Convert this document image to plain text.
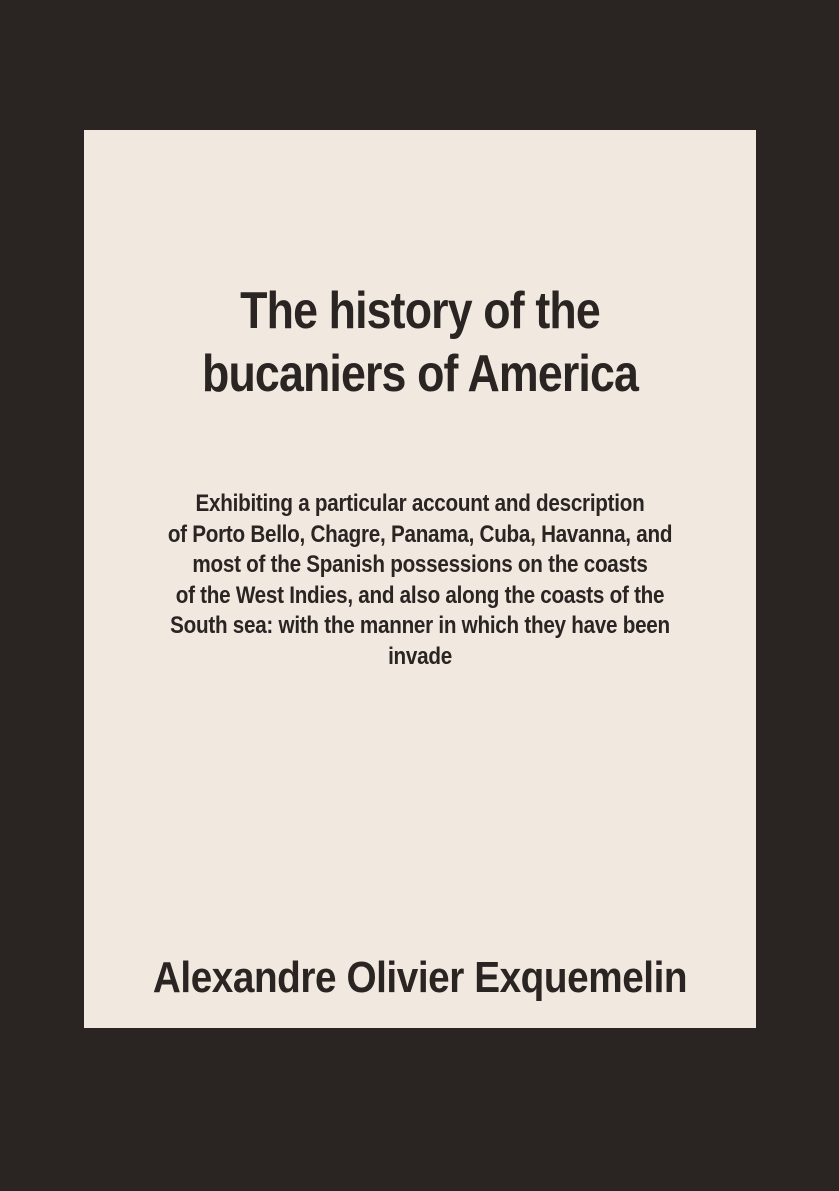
The history of the
bucaniers of America

Exhibiting a particular account and description
of Porto Bello, Chagre, Panama, Cuba, Havanna, and
most of the Spanish possessions on the coasts
of the West Indies, and also along the coasts of the
South sea: with the manner in which they have been
invade

Alexandre Olivier Exquemelin
